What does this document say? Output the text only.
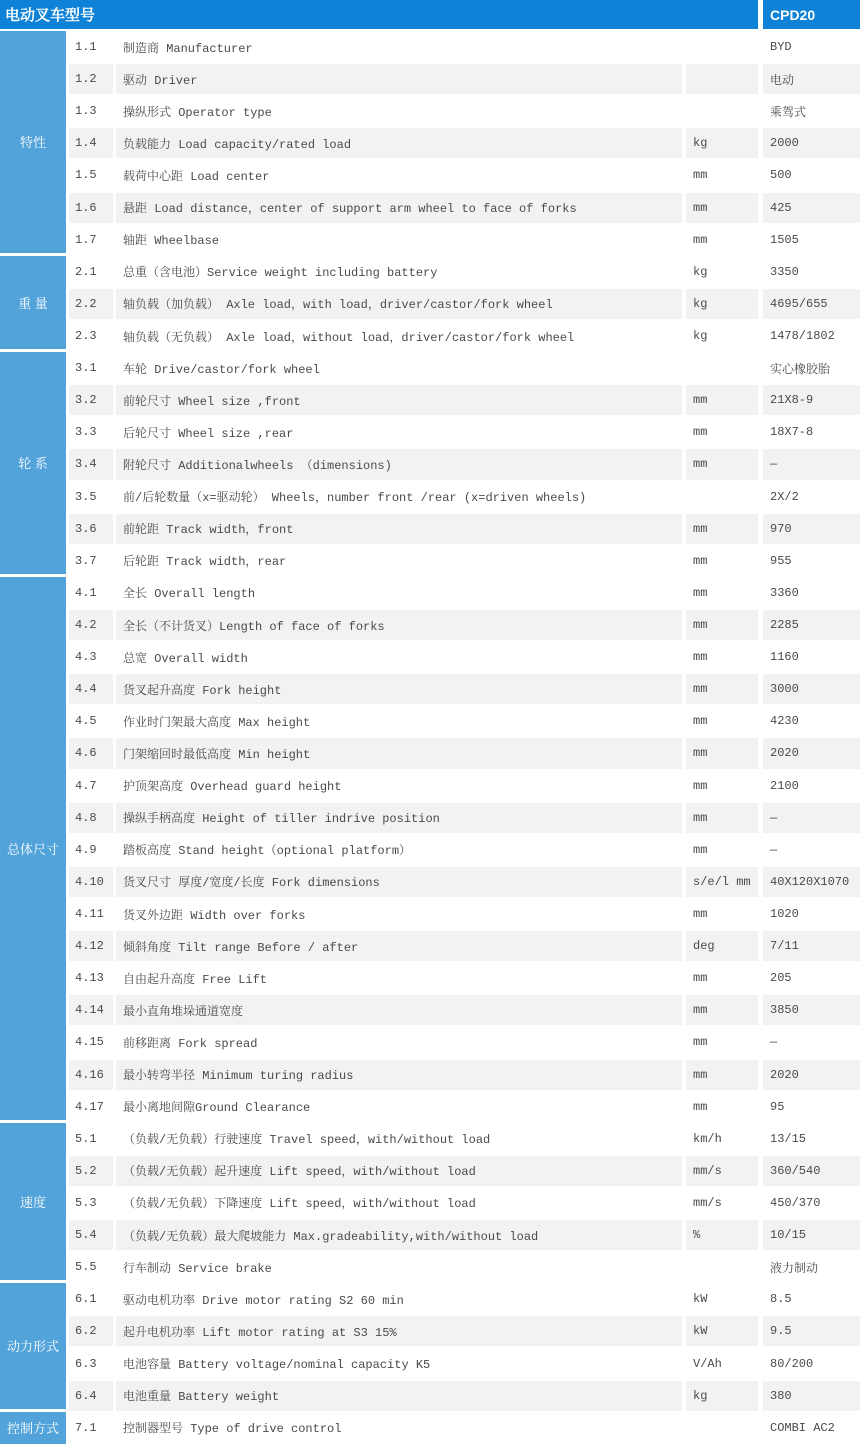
电动叉车型号	CPD20
特性
1.1	制造商 Manufacturer	BYD
1.2	驱动 Driver	电动
1.3	操纵形式 Operator type	乘驾式
1.4	负载能力 Load capacity/rated load	kg	2000
1.5	载荷中心距 Load center	mm	500
1.6	悬距 Load distance，center of support arm wheel to face of forks	mm	425
1.7	轴距 Wheelbase	mm	1505
重 量
2.1	总重（含电池）Service weight including battery	kg	3350
2.2	轴负载（加负载） Axle load，with load，driver/castor/fork wheel	kg	4695/655
2.3	轴负载（无负载） Axle load，without load，driver/castor/fork wheel	kg	1478/1802
轮 系
3.1	车轮 Drive/castor/fork wheel	实心橡胶胎
3.2	前轮尺寸 Wheel size ,front	mm	21X8-9
3.3	后轮尺寸 Wheel size ,rear	mm	18X7-8
3.4	附轮尺寸 Additionalwheels （dimensions)	mm	—
3.5	前/后轮数量（x=驱动轮） Wheels，number front /rear (x=driven wheels)	2X/2
3.6	前轮距 Track width，front	mm	970
3.7	后轮距 Track width，rear	mm	955
总体尺寸
4.1	全长 Overall length	mm	3360
4.2	全长（不计货叉）Length of face of forks	mm	2285
4.3	总宽 Overall width	mm	1160
4.4	货叉起升高度 Fork height	mm	3000
4.5	作业时门架最大高度 Max height	mm	4230
4.6	门架缩回时最低高度 Min height	mm	2020
4.7	护顶架高度 Overhead guard height	mm	2100
4.8	操纵手柄高度 Height of tiller indrive position	mm	—
4.9	踏板高度 Stand height（optional platform）	mm	—
4.10	货叉尺寸 厚度/宽度/长度 Fork dimensions	s/e/l mm	40X120X1070
4.11	货叉外边距 Width over forks	mm	1020
4.12	倾斜角度 Tilt range Before / after	deg	7/11
4.13	自由起升高度 Free Lift	mm	205
4.14	最小直角堆垛通道宽度	mm	3850
4.15	前移距离 Fork spread	mm	—
4.16	最小转弯半径 Minimum turing radius	mm	2020
4.17	最小离地间隙Ground Clearance	mm	95
速度
5.1	（负载/无负载）行驶速度 Travel speed，with/without load	km/h	13/15
5.2	（负载/无负载）起升速度 Lift speed，with/without load	mm/s	360/540
5.3	（负载/无负载）下降速度 Lift speed，with/without load	mm/s	450/370
5.4	（负载/无负载）最大爬坡能力 Max.gradeability,with/without load	%	10/15
5.5	行车制动 Service brake	液力制动
动力形式
6.1	驱动电机功率 Drive motor rating S2 60 min	kW	8.5
6.2	起升电机功率 Lift motor rating at S3 15%	kW	9.5
6.3	电池容量 Battery voltage/nominal capacity K5	V/Ah	80/200
6.4	电池重量 Battery weight	kg	380
控制方式	7.1	控制器型号 Type of drive control	COMBI AC2
